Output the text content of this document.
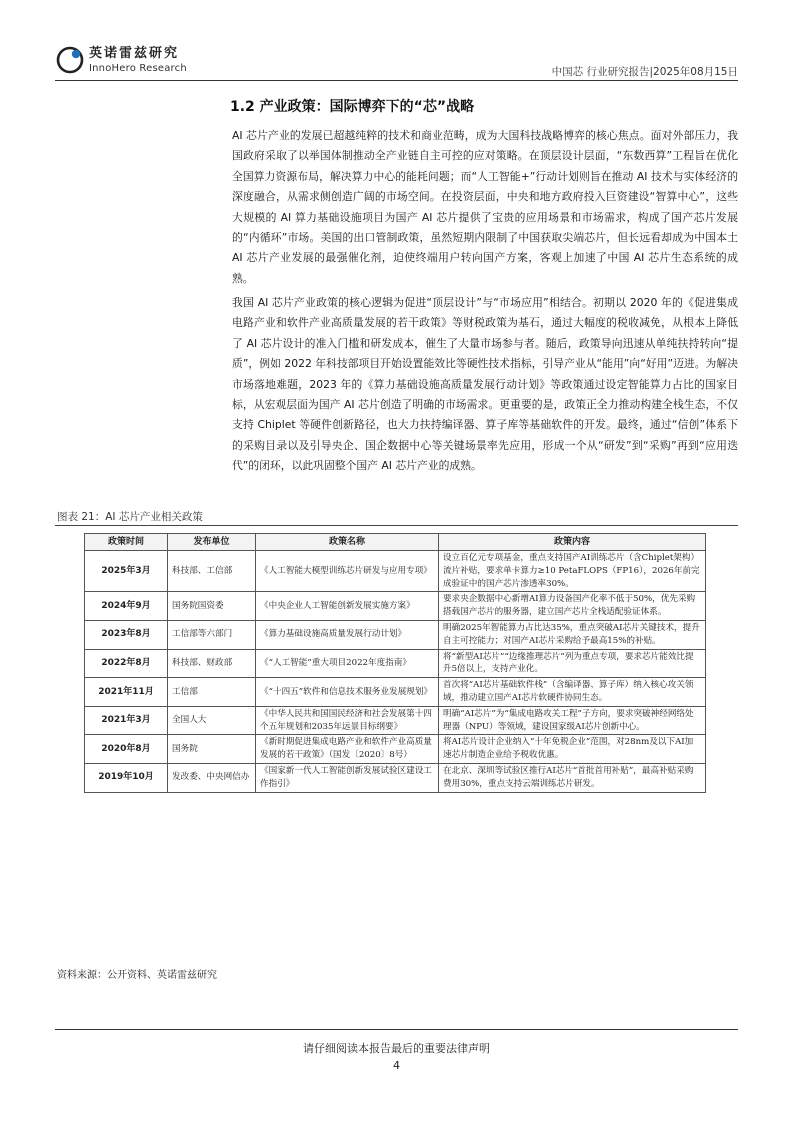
英诺雷兹研究
InnoHero Research	中国芯 行业研究报告|2025年08月15日
1.2 产业政策：国际博弈下的“芯”战略
AI 芯片产业的发展已超越纯粹的技术和商业范畴，成为大国科技战略博弈的核心焦点。面对外部压力，我国政府采取了以举国体制推动全产业链自主可控的应对策略。在顶层设计层面，“东数西算”工程旨在优化全国算力资源布局，解决算力中心的能耗问题；而“人工智能+”行动计划则旨在推动 AI 技术与实体经济的深度融合，从需求侧创造广阔的市场空间。在投资层面，中央和地方政府投入巨资建设“智算中心”，这些大规模的 AI 算力基础设施项目为国产 AI 芯片提供了宝贵的应用场景和市场需求，构成了国产芯片发展的“内循环”市场。美国的出口管制政策，虽然短期内限制了中国获取尖端芯片，但长远看却成为中国本土 AI 芯片产业发展的最强催化剂，迫使终端用户转向国产方案，客观上加速了中国 AI 芯片生态系统的成熟。
我国 AI 芯片产业政策的核心逻辑为促进“顶层设计”与“市场应用”相结合。初期以 2020 年的《促进集成电路产业和软件产业高质量发展的若干政策》等财税政策为基石，通过大幅度的税收减免，从根本上降低了 AI 芯片设计的准入门槛和研发成本，催生了大量市场参与者。随后，政策导向迅速从单纯扶持转向“提质”，例如 2022 年科技部项目开始设置能效比等硬性技术指标，引导产业从“能用”向“好用”迈进。为解决市场落地难题，2023 年的《算力基础设施高质量发展行动计划》等政策通过设定智能算力占比的国家目标，从宏观层面为国产 AI 芯片创造了明确的市场需求。更重要的是，政策正全力推动构建全栈生态，不仅支持 Chiplet 等硬件创新路径，也大力扶持编译器、算子库等基础软件的开发。最终，通过“信创”体系下的采购目录以及引导央企、国企数据中心等关键场景率先应用，形成一个从“研发”到“采购”再到“应用迭代”的闭环，以此巩固整个国产 AI 芯片产业的成熟。
图表 21：AI 芯片产业相关政策
政策时间	发布单位	政策名称	政策内容
2025年3月	科技部、工信部	《人工智能大模型训练芯片研发与应用专项》	设立百亿元专项基金，重点支持国产AI训练芯片（含Chiplet架构）流片补贴，要求单卡算力≥10 PetaFLOPS（FP16），2026年前完成验证中的国产芯片渗透率30%。
2024年9月	国务院国资委	《中央企业人工智能创新发展实施方案》	要求央企数据中心新增AI算力设备国产化率不低于50%，优先采购搭载国产芯片的服务器，建立国产芯片全栈适配验证体系。
2023年8月	工信部等六部门	《算力基础设施高质量发展行动计划》	明确2025年智能算力占比达35%，重点突破AI芯片关键技术，提升自主可控能力；对国产AI芯片采购给予最高15%的补贴。
2022年8月	科技部、财政部	《“人工智能”重大项目2022年度指南》	将“新型AI芯片”“边缘推理芯片”列为重点专项，要求芯片能效比提升5倍以上，支持产业化。
2021年11月	工信部	《“十四五”软件和信息技术服务业发展规划》	首次将“AI芯片基础软件栈”（含编译器、算子库）纳入核心攻关领域，推动建立国产AI芯片软硬件协同生态。
2021年3月	全国人大	《中华人民共和国国民经济和社会发展第十四个五年规划和2035年远景目标纲要》	明确“AI芯片”为“集成电路攻关工程”子方向，要求突破神经网络处理器（NPU）等领域，建设国家级AI芯片创新中心。
2020年8月	国务院	《新时期促进集成电路产业和软件产业高质量发展的若干政策》（国发〔2020〕8号）	将AI芯片设计企业纳入“十年免税企业”范围，对28nm及以下AI加速芯片制造企业给予税收优惠。
2019年10月	发改委、中央网信办	《国家新一代人工智能创新发展试验区建设工作指引》	在北京、深圳等试验区推行AI芯片“首批首用补贴”，最高补贴采购费用30%，重点支持云端训练芯片研发。
资料来源：公开资料、英诺雷兹研究
请仔细阅读本报告最后的重要法律声明
4
